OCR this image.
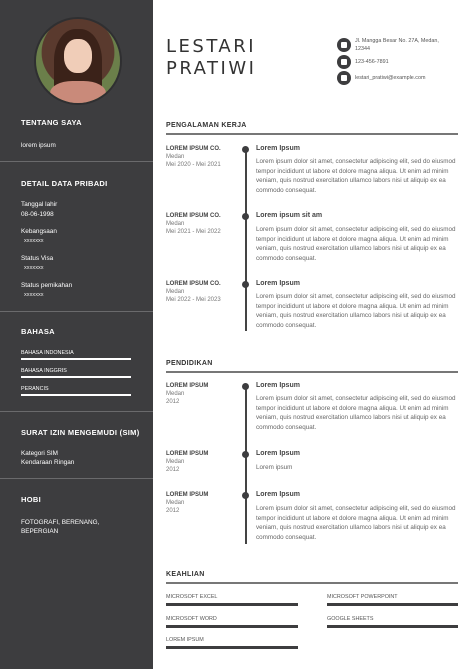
TENTANG SAYA
lorem ipsum
DETAIL DATA PRIBADI
Tanggal lahir
08-06-1998
Kebangsaan
xxxxxxx
Status Visa
xxxxxxx
Status pemikahan
xxxxxxx
BAHASA
BAHASA INDONESIA
BAHASA INGGRIS
PERANCIS
SURAT IZIN MENGEMUDI (SIM)
Kategori SIM
Kendaraan Ringan
HOBI
FOTOGRAFI, BERENANG, BEPERGIAN
LESTARI
PRATIWI
Jl. Mangga Besar No. 27A, Medan, 12344
123-456-7891
lestari_pratiwi@example.com
PENGALAMAN KERJA
LOREM IPSUM CO.
Medan
Mei 2020 - Mei 2021
Lorem Ipsum
Lorem ipsum dolor sit amet, consectetur adipiscing elit, sed do eiusmod tempor incididunt ut labore et dolore magna aliqua. Ut enim ad minim veniam, quis nostrud exercitation ullamco labors nisi ut aliquip ex ea commodo consequat.
LOREM IPSUM CO.
Medan
Mei 2021 - Mei 2022
Lorem ipsum sit am
Lorem ipsum dolor sit amet, consectetur adipiscing elit, sed do eiusmod tempor incididunt ut labore et dolore magna aliqua. Ut enim ad minim veniam, quis nostrud exercitation ullamco labors nisi ut aliquip ex ea commodo consequat.
LOREM IPSUM CO.
Medan
Mei 2022 - Mei 2023
Lorem Ipsum
Lorem ipsum dolor sit amet, consectetur adipiscing elit, sed do eiusmod tempor incididunt ut labore et dolore magna aliqua. Ut enim ad minim veniam, quis nostrud exercitation ullamco labors nisi ut aliquip ex ea commodo consequat.
PENDIDIKAN
LOREM IPSUM
Medan
2012
Lorem Ipsum
Lorem ipsum dolor sit amet, consectetur adipiscing elit, sed do eiusmod tempor incididunt ut labore et dolore magna aliqua. Ut enim ad minim veniam, quis nostrud exercitation ullamco labors nisi ut aliquip ex ea commodo consequat.
LOREM IPSUM
Medan
2012
Lorem Ipsum
Lorem ipsum
LOREM IPSUM
Medan
2012
Lorem Ipsum
Lorem ipsum dolor sit amet, consectetur adipiscing elit, sed do eiusmod tempor incididunt ut labore et dolore magna aliqua. Ut enim ad minim veniam, quis nostrud exercitation ullamco labors nisi ut aliquip ex ea commodo consequat.
KEAHLIAN
MICROSOFT EXCEL	MICROSOFT POWERPOINT
MICROSOFT WORD	GOOGLE SHEETS
LOREM IPSUM
